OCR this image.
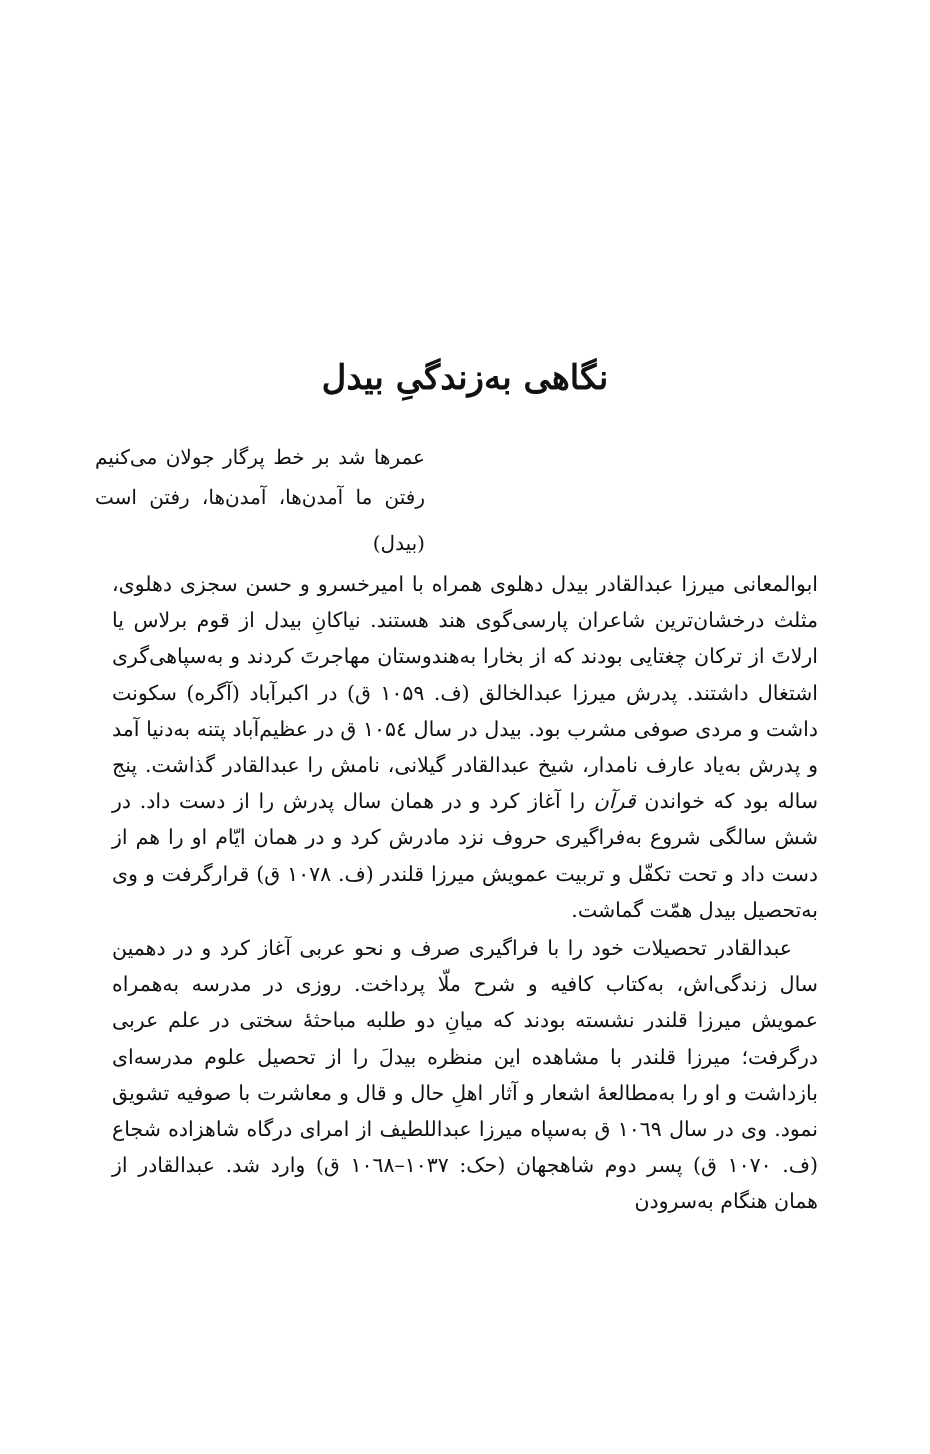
نگاهی به‌زندگیِ بیدل
عمرها شد بر خط پرگار جولان می‌کنیم
رفتن ما آمدن‌ها، آمدن‌ها، رفتن است
(بیدل)

ابوالمعانی میرزا عبدالقادر بیدل دهلوی همراه با امیرخسرو و حسن سجزی دهلوی، مثلث درخشان‌ترین شاعران پارسی‌گوی هند هستند. نیاکانِ بیدل از قوم برلاس یا ارلاتَ از ترکان چغتایی بودند که از بخارا به‌هندوستان مهاجرتَ کردند و به‌سپاهی‌گری اشتغال داشتند. پدرش میرزا عبدالخالق (ف. ۱۰۵۹ ق) در اکبرآباد (آگره) سکونت داشت و مردی صوفی مشرب بود. بیدل در سال ۱۰۵٤ ق در عظیم‌آباد پتنه به‌دنیا آمد و پدرش به‌یاد عارف نامدار، شیخ عبدالقادر گیلانی، نامش را عبدالقادر گذاشت. پنج ساله بود که خواندن قرآن را آغاز کرد و در همان سال پدرش را از دست داد. در شش سالگی شروع به‌فراگیری حروف نزد مادرش کرد و در همان ایّام او را هم از دست داد و تحت تکفّل و تربیت عمویش میرزا قلندر (ف. ۱۰۷۸ ق) قرارگرفت و وی به‌تحصیل بیدل همّت گماشت.

عبدالقادر تحصیلات خود را با فراگیری صرف و نحو عربی آغاز کرد و در دهمین سال زندگی‌اش، به‌کتاب کافیه و شرح ملّا پرداخت. روزی در مدرسه به‌همراه عمویش میرزا قلندر نشسته بودند که میانِ دو طلبه مباحثهٔ سختی در علم عربی درگرفت؛ میرزا قلندر با مشاهده این منظره بیدلَ را از تحصیل علوم مدرسه‌ای بازداشت و او را به‌مطالعهٔ اشعار و آثار اهلِ حال و قال و معاشرت با صوفیه تشویق نمود. وی در سال ۱۰٦۹ ق به‌سپاه میرزا عبداللطیف از امرای درگاه شاهزاده شجاع (ف. ۱۰۷۰ ق) پسر دوم شاهجهان (حک: ۱۰۳۷–۱۰٦۸ ق) وارد شد. عبدالقادر از همان هنگام به‌سرودن
